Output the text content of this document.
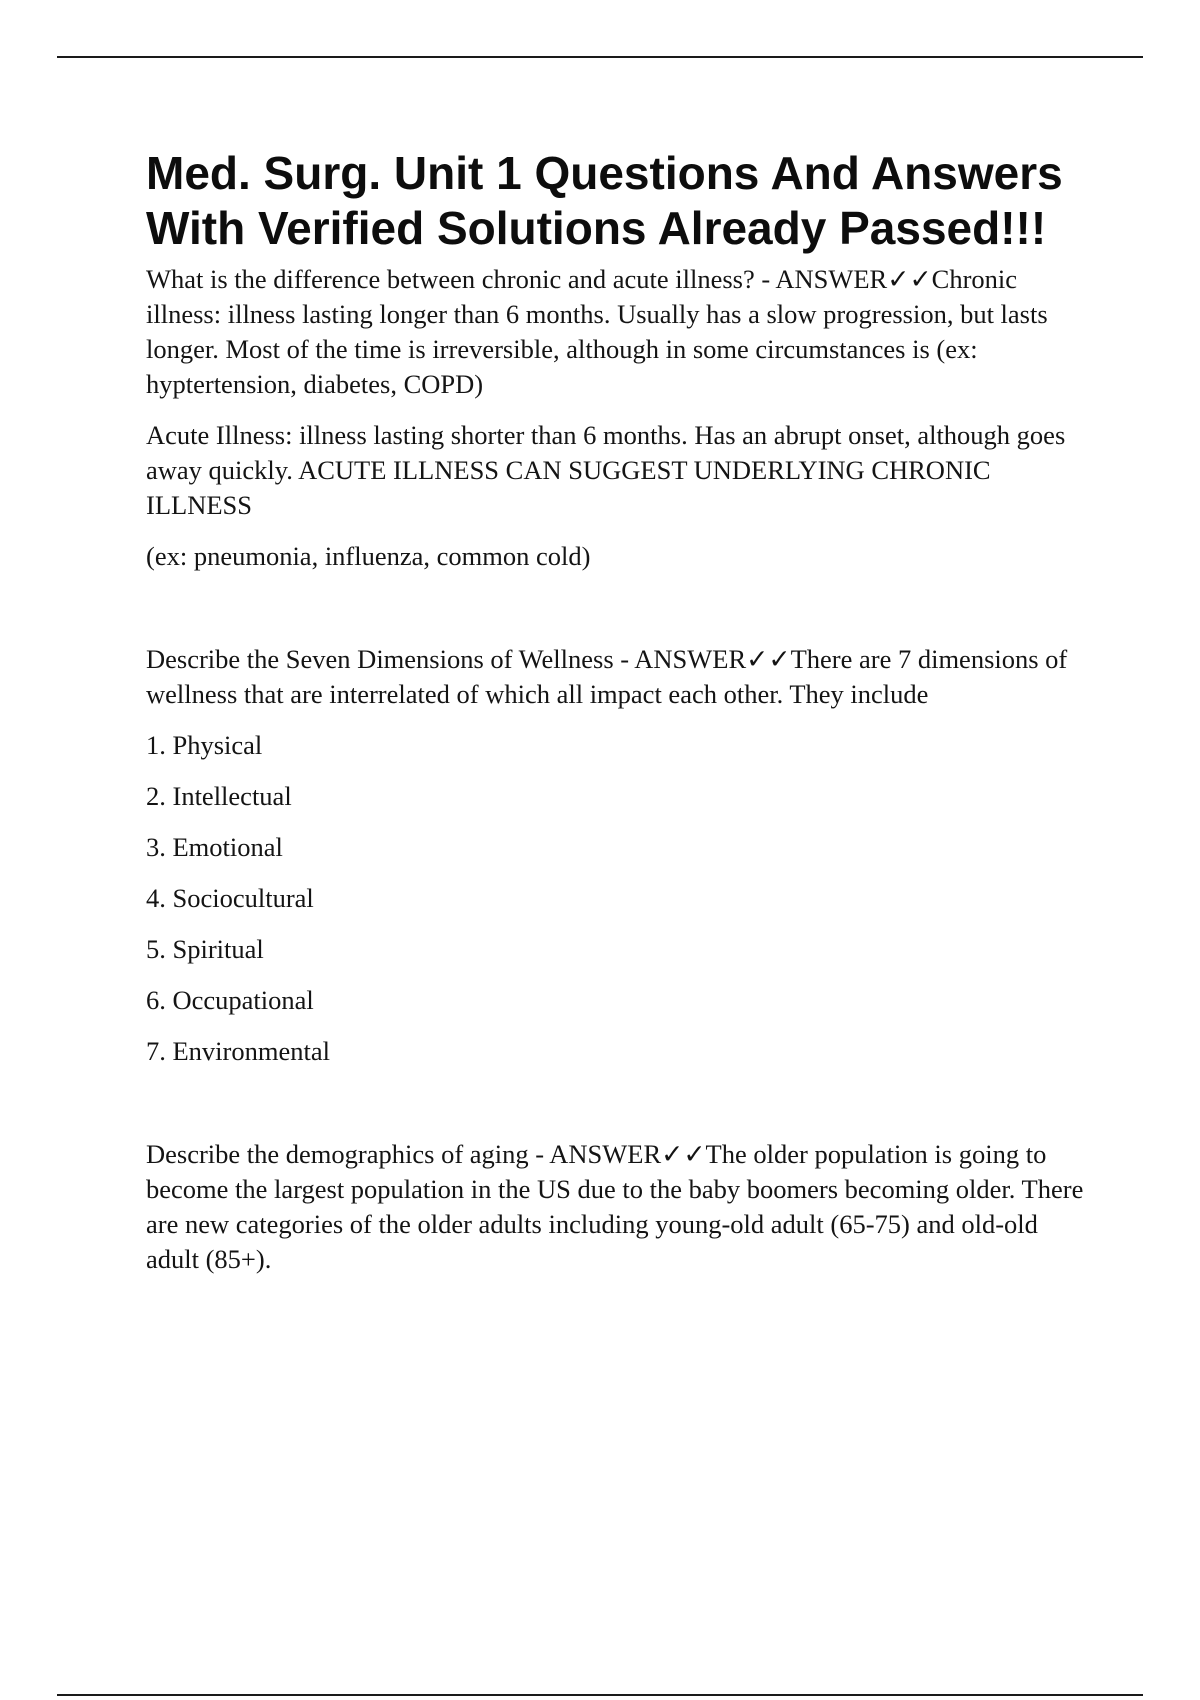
Med. Surg. Unit 1 Questions And Answers With Verified Solutions Already Passed!!!

What is the difference between chronic and acute illness? - ANSWER✓✓Chronic illness: illness lasting longer than 6 months. Usually has a slow progression, but lasts longer. Most of the time is irreversible, although in some circumstances is (ex: hyptertension, diabetes, COPD)

Acute Illness: illness lasting shorter than 6 months. Has an abrupt onset, although goes away quickly. ACUTE ILLNESS CAN SUGGEST UNDERLYING CHRONIC ILLNESS

(ex: pneumonia, influenza, common cold)

Describe the Seven Dimensions of Wellness - ANSWER✓✓There are 7 dimensions of wellness that are interrelated of which all impact each other. They include

1. Physical
2. Intellectual
3. Emotional
4. Sociocultural
5. Spiritual
6. Occupational
7. Environmental

Describe the demographics of aging - ANSWER✓✓The older population is going to become the largest population in the US due to the baby boomers becoming older. There are new categories of the older adults including young-old adult (65-75) and old-old adult (85+).
